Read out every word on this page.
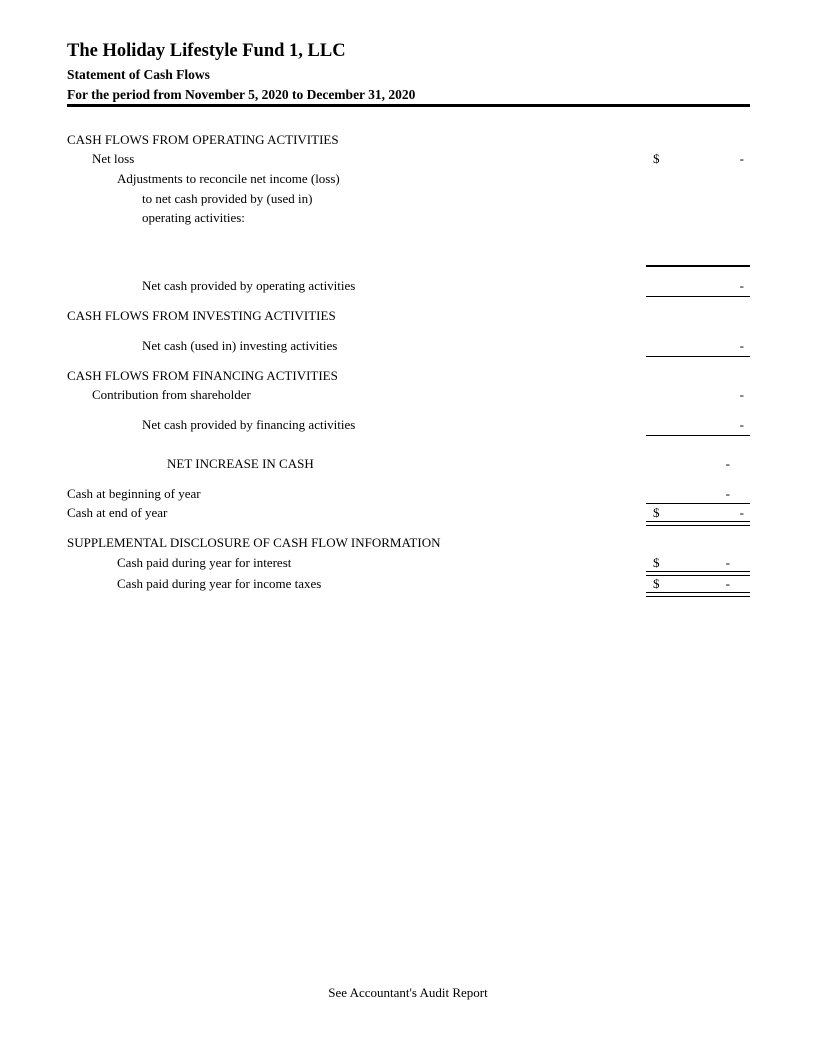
The Holiday Lifestyle Fund 1, LLC
Statement of Cash Flows
For the period from November 5, 2020 to December 31, 2020
CASH FLOWS FROM OPERATING ACTIVITIES
Net loss	$	-
Adjustments to reconcile net income (loss)
to net cash provided by (used in)
operating activities:
Net cash provided by operating activities	-
CASH FLOWS FROM INVESTING ACTIVITIES
Net cash (used in) investing activities	-
CASH FLOWS FROM FINANCING ACTIVITIES
Contribution from shareholder	-
Net cash provided by financing activities	-
NET INCREASE IN CASH	-
Cash at beginning of year	-
Cash at end of year	$	-
SUPPLEMENTAL DISCLOSURE OF CASH FLOW INFORMATION
Cash paid during year for interest	$	-
Cash paid during year for income taxes	$	-
See Accountant's Audit Report
